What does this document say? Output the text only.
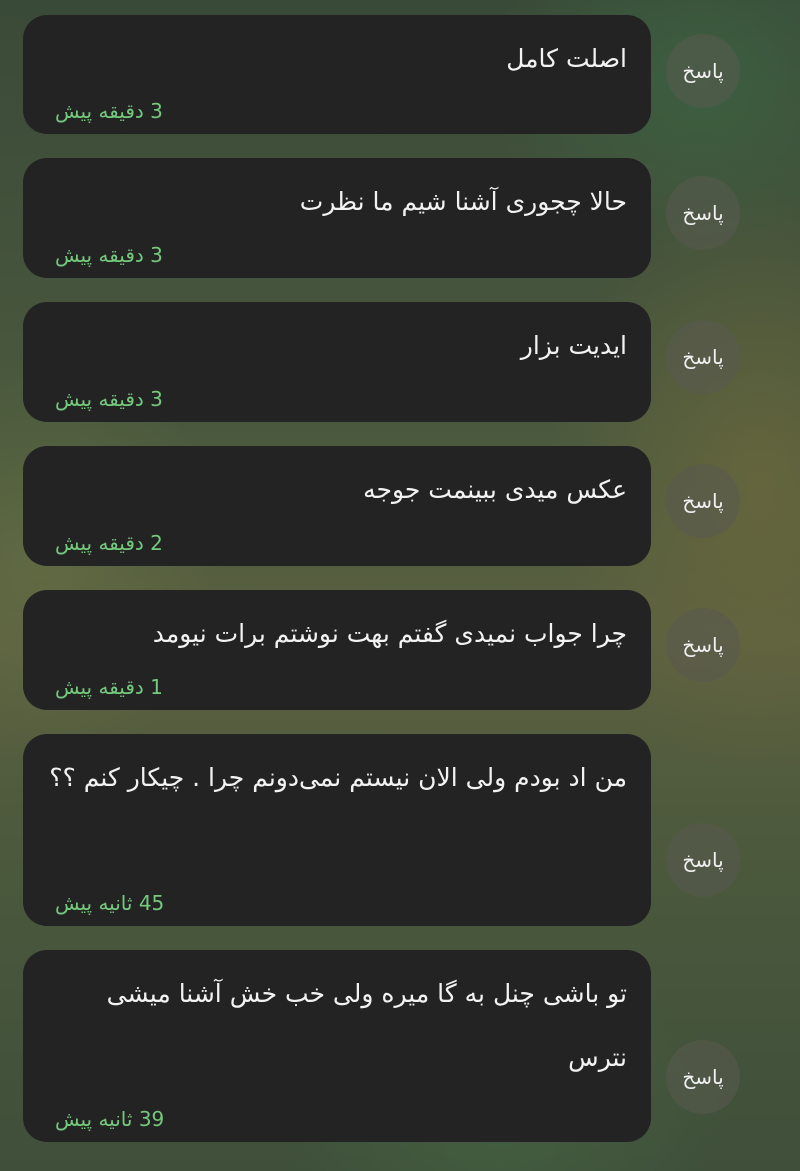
اصلت کامل
3 دقیقه پیش
پاسخ
حالا چجوری آشنا شیم ما نظرت
3 دقیقه پیش
پاسخ
ایدیت بزار
3 دقیقه پیش
پاسخ
عکس میدی ببینمت جوجه
2 دقیقه پیش
پاسخ
چرا جواب نمیدی گفتم بهت نوشتم برات نیومد
1 دقیقه پیش
پاسخ
من اد بودم ولی الان نیستم نمی‌دونم چرا . چیکار کنم ؟؟
45 ثانیه پیش
پاسخ
تو باشی چنل به گا میره ولی خب خش آشنا میشی نترس
39 ثانیه پیش
پاسخ
